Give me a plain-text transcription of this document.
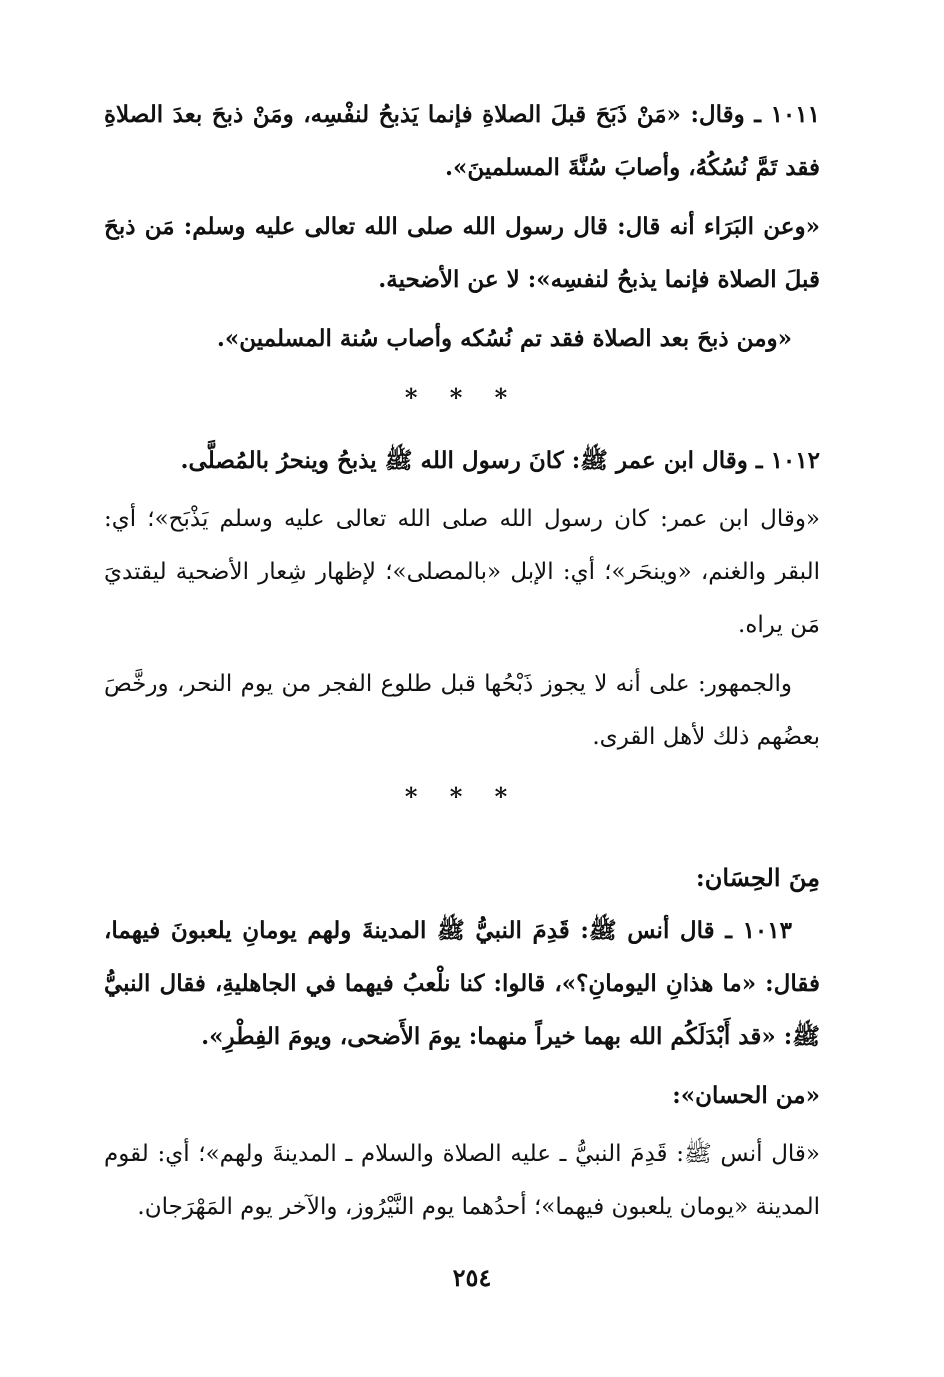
١٠١١ ـ وقال: «مَنْ ذَبَحَ قبلَ الصلاةِ فإنما يَذبحُ لنفْسِه، ومَنْ ذبحَ بعدَ الصلاةِ فقد تَمَّ نُسُكُهُ، وأصابَ سُنَّةَ المسلمينَ».

«وعن البَرَاء أنه قال: قال رسول الله صلى الله تعالى عليه وسلم: مَن ذبحَ قبلَ الصلاة فإنما يذبحُ لنفسِه»: لا عن الأضحية.

«ومن ذبحَ بعد الصلاة فقد تم نُسُكه وأصاب سُنة المسلمين».

* * *

١٠١٢ ـ وقال ابن عمر ﷺ: كانَ رسول الله ﷺ يذبحُ وينحرُ بالمُصلَّى.

«وقال ابن عمر: كان رسول الله صلى الله تعالى عليه وسلم يَذْبَح»؛ أي: البقر والغنم، «وينحَر»؛ أي: الإبل «بالمصلى»؛ لإظهار شِعار الأضحية ليقتديَ مَن يراه.

والجمهور: على أنه لا يجوز ذَبْحُها قبل طلوع الفجر من يوم النحر، ورخَّصَ بعضُهم ذلك لأهل القرى.

* * *
مِنَ الحِسَان:

١٠١٣ ـ قال أنس ﷺ: قَدِمَ النبيُّ ﷺ المدينةَ ولهم يومانِ يلعبونَ فيهما، فقال: «ما هذانِ اليومانِ؟»، قالوا: كنا نلْعبُ فيهما في الجاهليةِ، فقال النبيُّ ﷺ: «قد أَبْدَلَكُم الله بهما خيراً منهما: يومَ الأَضحى، ويومَ الفِطْرِ».

«من الحسان»:

«قال أنس ﷺ: قَدِمَ النبيُّ ـ عليه الصلاة والسلام ـ المدينةَ ولهم»؛ أي: لقوم المدينة «يومان يلعبون فيهما»؛ أحدُهما يوم النَّيْرُوز، والآخر يوم المَهْرَجان.

٢٥٤
